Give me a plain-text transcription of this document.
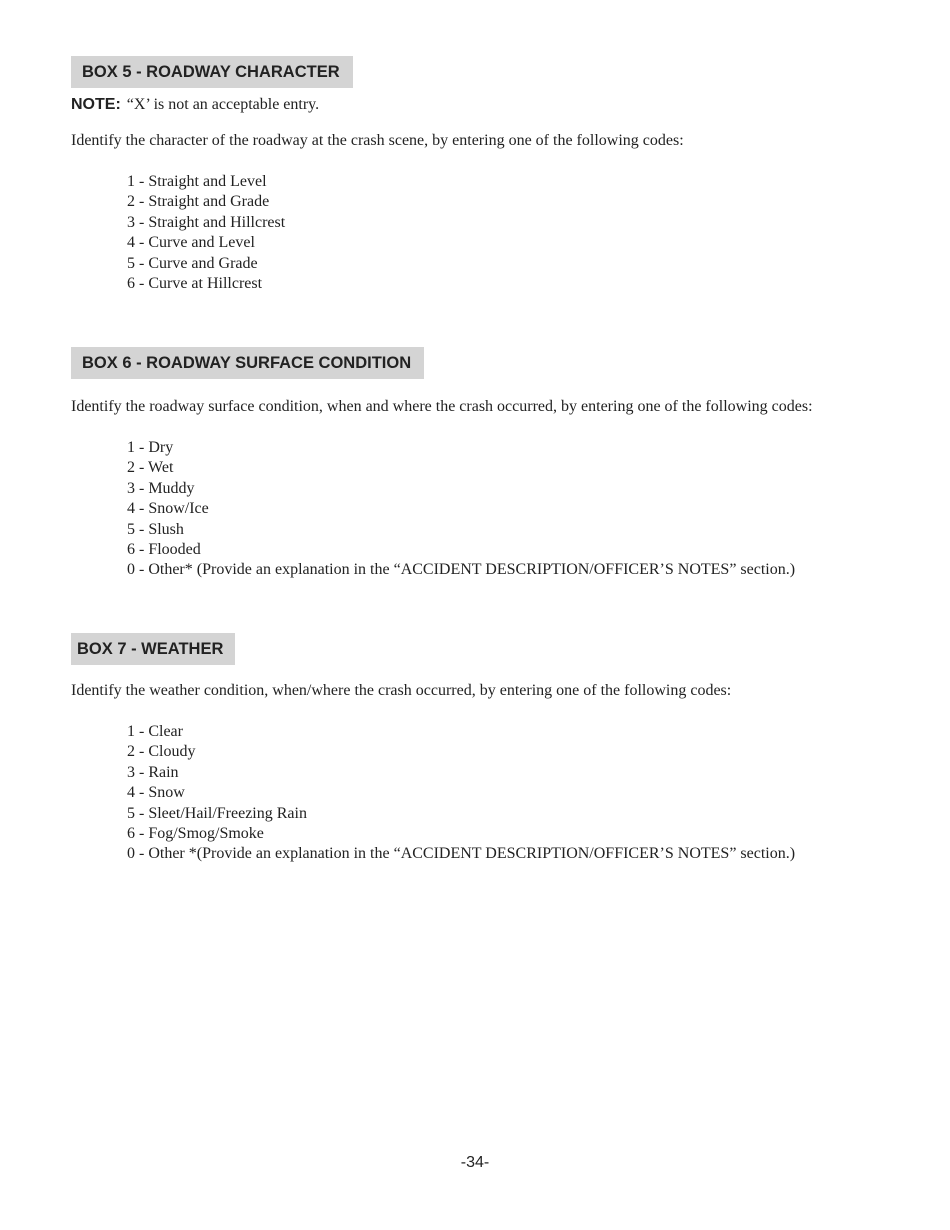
BOX 5 - ROADWAY CHARACTER
NOTE: “X’ is not an acceptable entry.
Identify the character of the roadway at the crash scene, by entering one of the following codes:
1 - Straight and Level
2 - Straight and Grade
3 - Straight and Hillcrest
4 - Curve and Level
5 - Curve and Grade
6 - Curve at Hillcrest
BOX 6 - ROADWAY SURFACE CONDITION
Identify the roadway surface condition, when and where the crash occurred, by entering one of the following codes:
1 - Dry
2 - Wet
3 - Muddy
4 - Snow/Ice
5 - Slush
6 - Flooded
0 - Other* (Provide an explanation in the “ACCIDENT DESCRIPTION/OFFICER’S NOTES” section.)
BOX 7 - WEATHER
Identify the weather condition, when/where the crash occurred, by entering one of the following codes:
1 - Clear
2 - Cloudy
3 - Rain
4 - Snow
5 - Sleet/Hail/Freezing Rain
6 - Fog/Smog/Smoke
0 - Other *(Provide an explanation in the “ACCIDENT DESCRIPTION/OFFICER’S NOTES” section.)
-34-
